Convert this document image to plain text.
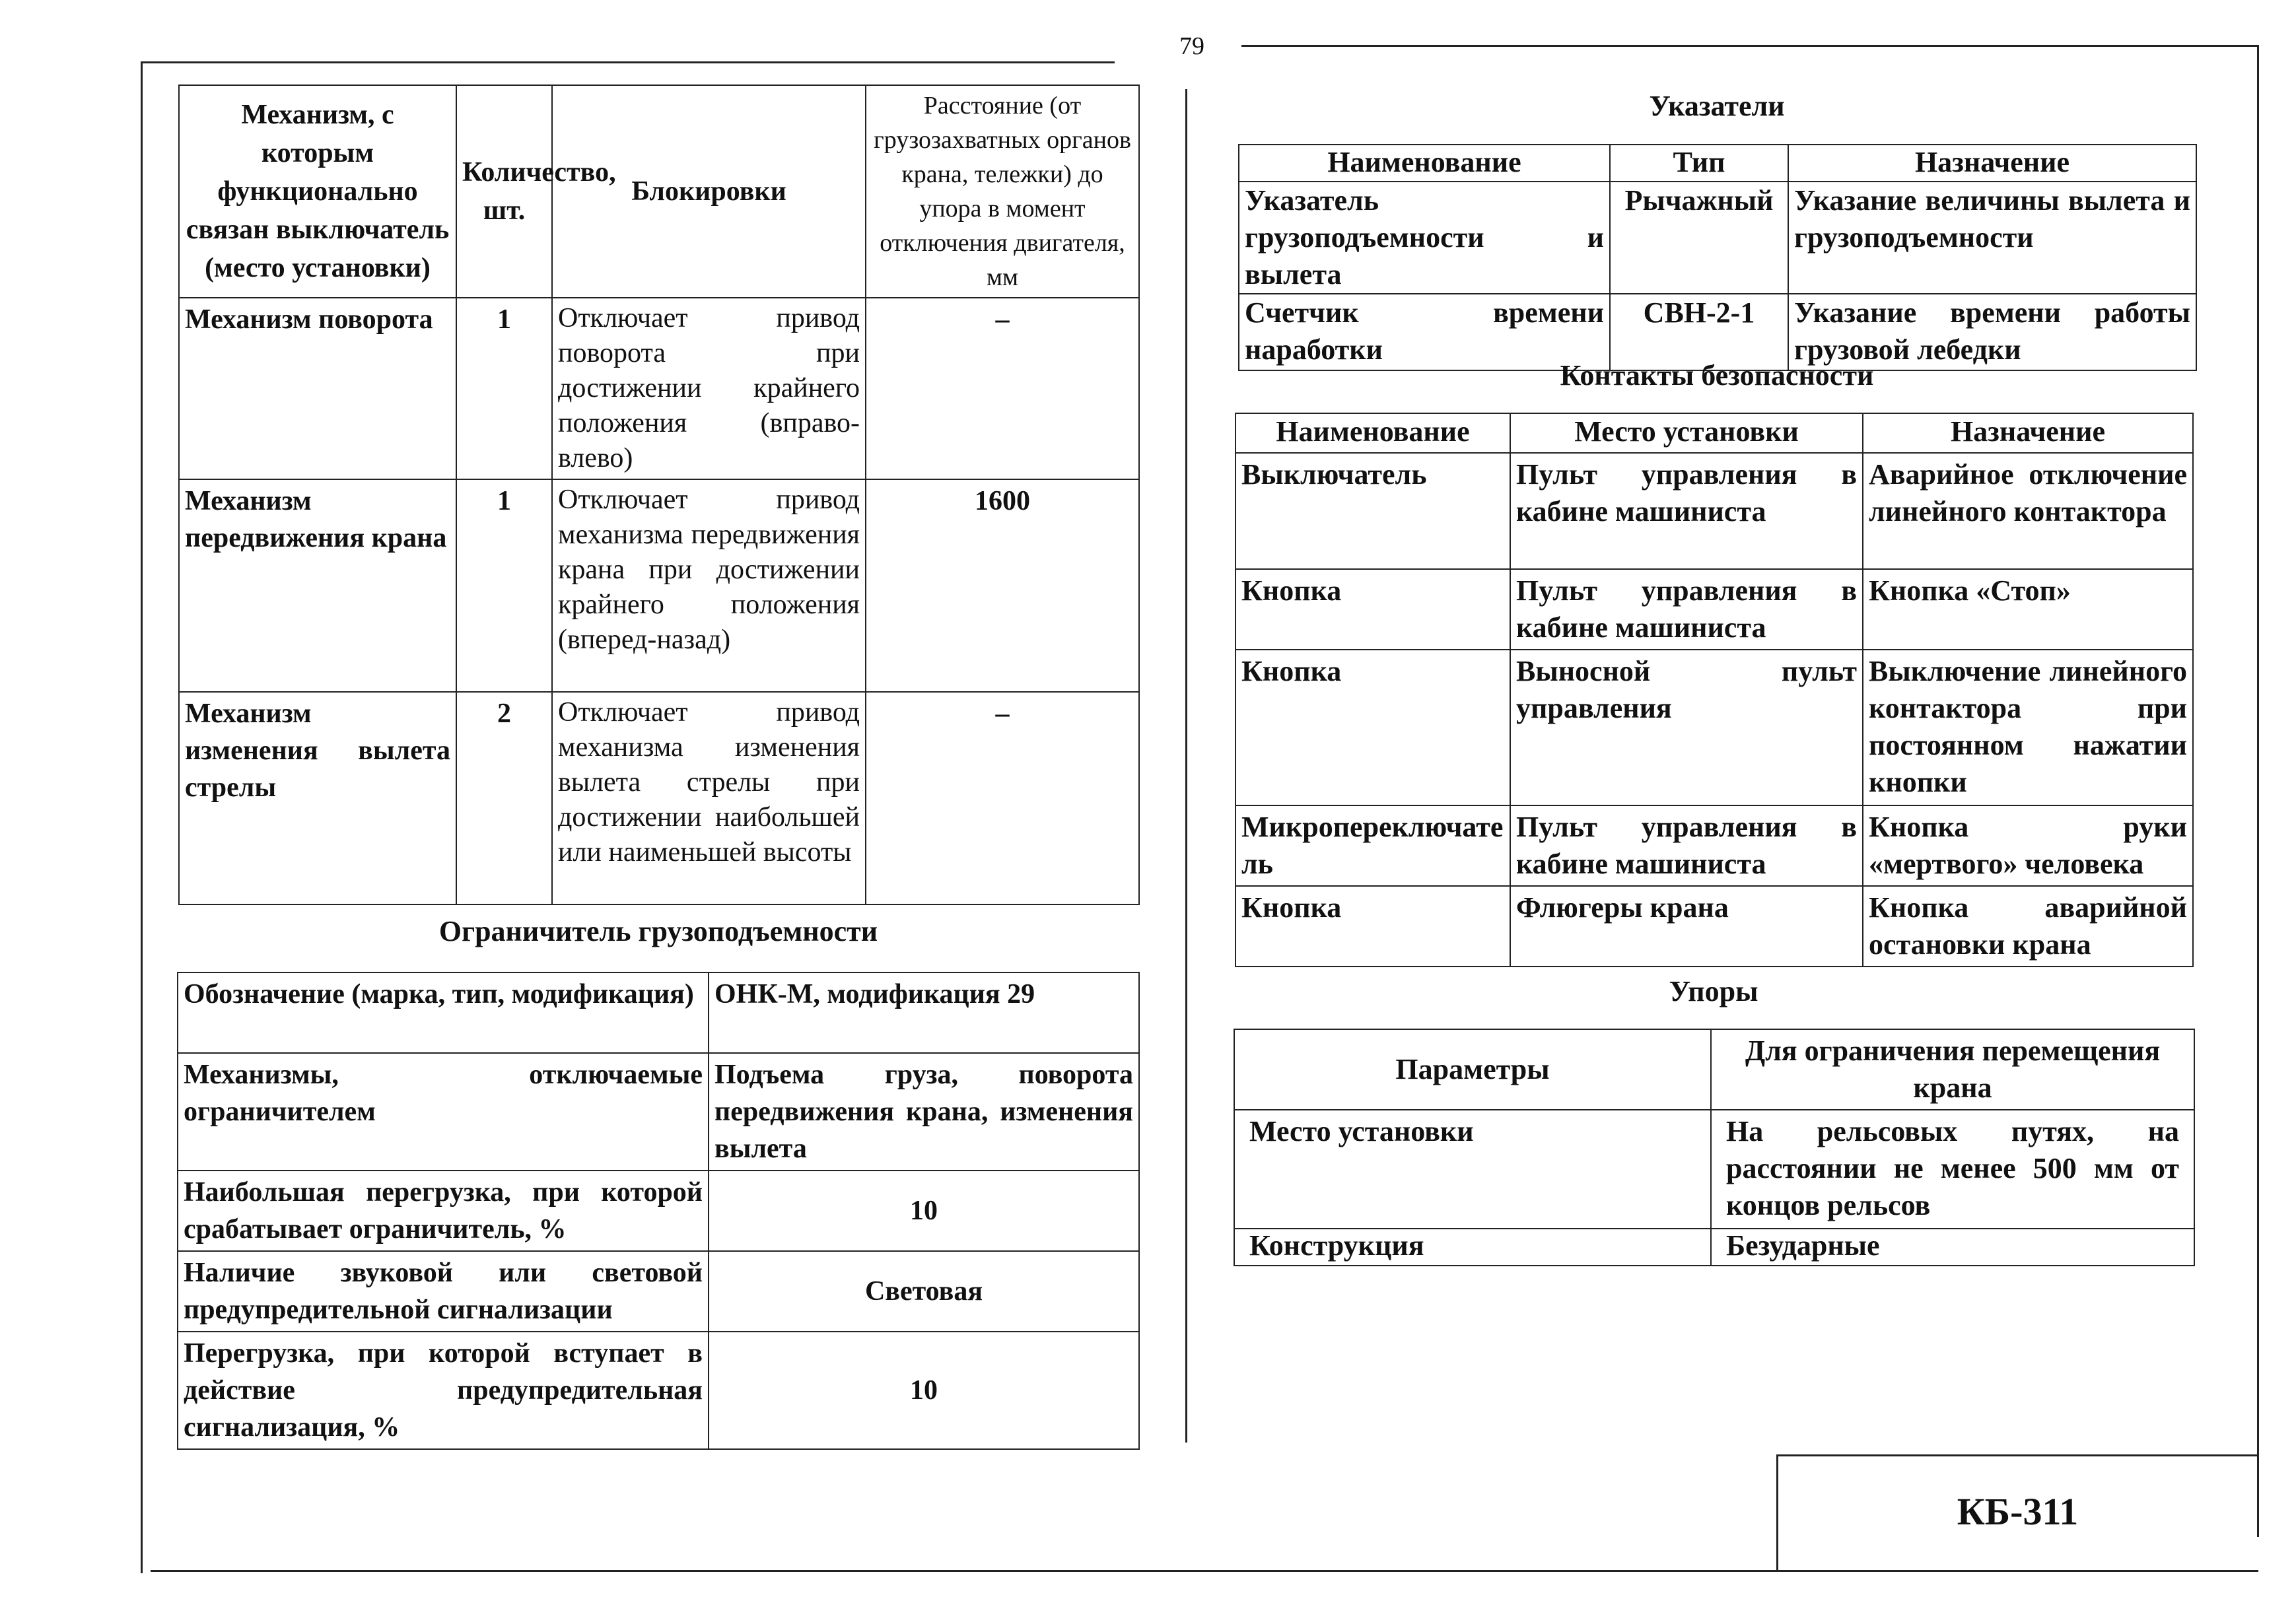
79
Механизм, с которым функционально связан выключатель (место установки)	Количество, шт.	Блокировки	Расстояние (от грузозахватных органов крана, тележки) до упора в момент отключения двигателя, мм
Механизм поворота	1	Отключает привод поворота при достижении крайнего положения (вправо-влево)	–
Механизм передвижения крана	1	Отключает привод механизма передвижения крана при достижении крайнего положения (вперед-назад)	1600
Механизм изменения вылета стрелы	2	Отключает привод механизма изменения вылета стрелы при достижении наибольшей или наименьшей высоты	–
Ограничитель грузоподъемности
Обозначение (марка, тип, модификация)	ОНК-М, модификация 29
Механизмы, отключаемые ограничителем	Подъема груза, поворота передвижения крана, изменения вылета
Наибольшая перегрузка, при которой срабатывает ограничитель, %	10
Наличие звуковой или световой предупредительной сигнализации	Световая
Перегрузка, при которой вступает в действие предупредительная сигнализация, %	10
Указатели
Наименование	Тип	Назначение
Указатель грузоподъемности и вылета	Рычажный	Указание величины вылета и грузоподъемности
Счетчик времени наработки	СВН-2-1	Указание времени работы грузовой лебедки
Контакты безопасности
Наименование	Место установки	Назначение
Выключатель	Пульт управления в кабине машиниста	Аварийное отключение линейного контактора
Кнопка	Пульт управления в кабине машиниста	Кнопка «Стоп»
Кнопка	Выносной пульт управления	Выключение линейного контактора при постоянном нажатии кнопки
Микропереключатель	Пульт управления в кабине машиниста	Кнопка руки «мертвого» человека
Кнопка	Флюгеры крана	Кнопка аварийной остановки крана
Упоры
Параметры	Для ограничения перемещения крана
Место установки	На рельсовых путях, на расстоянии не менее 500 мм от концов рельсов
Конструкция	Безударные
КБ-311
